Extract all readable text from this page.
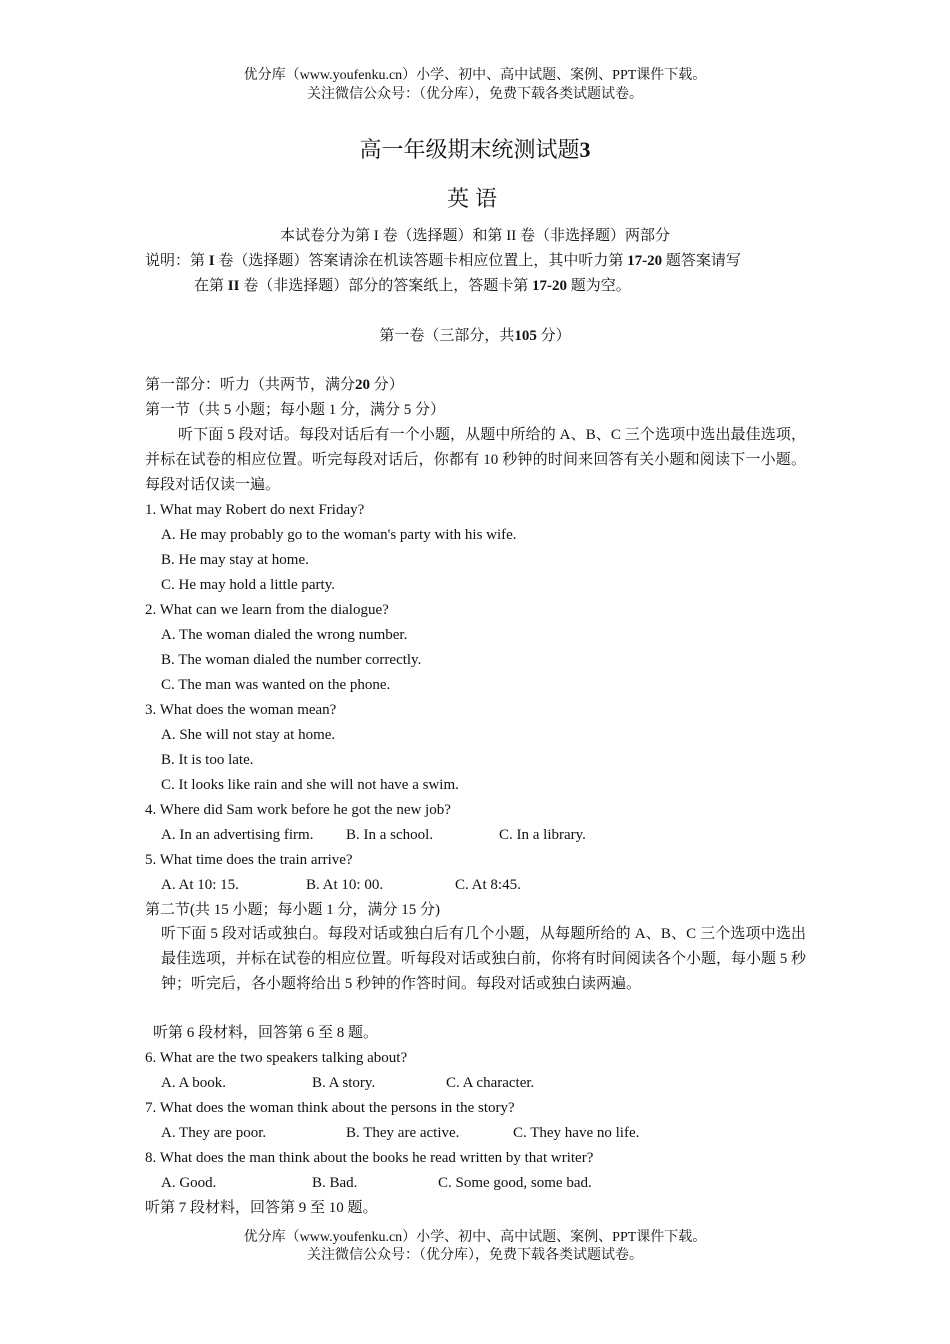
优分库（www.youfenku.cn）小学、初中、高中试题、案例、PPT课件下载。
关注微信公众号：（优分库），免费下载各类试题试卷。
高一年级期末统测试题3
英语
本试卷分为第 I 卷（选择题）和第 II 卷（非选择题）两部分
说明：第 I 卷（选择题）答案请涂在机读答题卡相应位置上，其中听力第 17-20 题答案请写
在第 II 卷（非选择题）部分的答案纸上，答题卡第 17-20 题为空。
第一卷（三部分，共105 分）
第一部分：听力（共两节，满分20 分）
第一节（共 5 小题；每小题 1 分，满分 5 分）
听下面 5 段对话。每段对话后有一个小题，从题中所给的 A、B、C 三个选项中选出最佳选项，并标在试卷的相应位置。听完每段对话后，你都有 10 秒钟的时间来回答有关小题和阅读下一小题。每段对话仅读一遍。
1. What may Robert do next Friday?
A. He may probably go to the woman's party with his wife.
B. He may stay at home.
C. He may hold a little party.
2. What can we learn from the dialogue?
A. The woman dialed the wrong number.
B. The woman dialed the number correctly.
C. The man was wanted on the phone.
3. What does the woman mean?
A. She will not stay at home.
B. It is too late.
C. It looks like rain and she will not have a swim.
4. Where did Sam work before he got the new job?
A. In an advertising firm. B. In a school.	C. In a library.
5. What time does the train arrive?
A. At 10: 15.	B. At 10: 00.	C. At 8:45.
第二节(共 15 小题；每小题 1 分，满分 15 分)
听下面 5 段对话或独白。每段对话或独白后有几个小题，从每题所给的 A、B、C 三个选项中选出最佳选项，并标在试卷的相应位置。听每段对话或独白前，你将有时间阅读各个小题，每小题 5 秒钟；听完后，各小题将给出 5 秒钟的作答时间。每段对话或独白读两遍。
听第 6 段材料，回答第 6 至 8 题。
6. What are the two speakers talking about?
A. A book.	B. A story.	C. A character.
7. What does the woman think about the persons in the story?
A. They are poor.	B. They are active.	C. They have no life.
8. What does the man think about the books he read written by that writer?
A. Good.	B. Bad.	C. Some good, some bad.
听第 7 段材料，回答第 9 至 10 题。
优分库（www.youfenku.cn）小学、初中、高中试题、案例、PPT课件下载。
关注微信公众号：（优分库），免费下载各类试题试卷。
